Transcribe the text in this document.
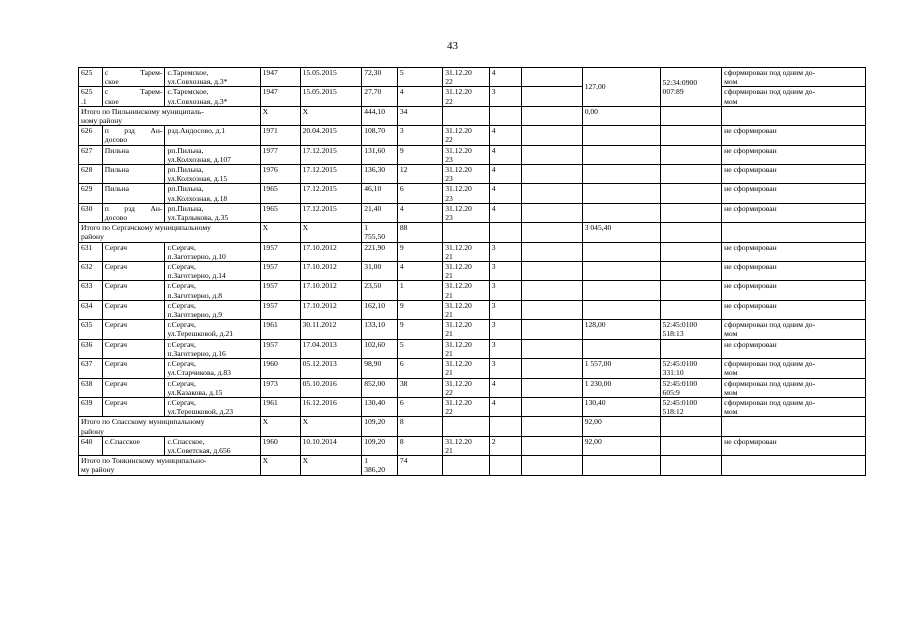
43
625	с Тарем-
ское	с.Таремское,
ул.Совхозная, д.3*	1947	15.05.2015	72,30	5	31.12.20
22	4		127,00	52:34:0900
007:89	сформирован под одним до-
мом
625
.1	с Тарем-
ское	с.Таремское,
ул.Совхозная, д.3*	1947	15.05.2015	27,70	4	31.12.20
22	3				сформирован под одним до-
мом
Итого по Пильнинскому муниципаль-
ному району			X	X	444,10	34				0,00		
626	п рзд Ан-
досово	рзд.Андосово, д.1	1971	20.04.2015	108,70	3	31.12.20
22	4				не сформирован
627	Пильна	рп.Пильна,
ул.Колхозная, д.107	1977	17.12.2015	131,60	9	31.12.20
23	4				не сформирован
628	Пильна	рп.Пильна,
ул.Колхозная, д.15	1976	17.12.2015	136,30	12	31.12.20
23	4				не сформирован
629	Пильна	рп.Пильна,
ул.Колхозная, д.18	1965	17.12.2015	46,10	6	31.12.20
23	4				не сформирован
630	п рзд Ан-
досово	рп.Пильна,
ул.Тарлыкова, д.35	1965	17.12.2015	21,40	4	31.12.20
23	4				не сформирован
Итого по Сергачскому муниципальному
району			X	X	1
755,50	88				3 045,40		
631	Сергач	г.Сергач,
п.Заготзерно, д.10	1957	17.10.2012	221,90	9	31.12.20
21	3				не сформирован
632	Сергач	г.Сергач,
п.Заготзерно, д.14	1957	17.10.2012	31,00	4	31.12.20
21	3				не сформирован
633	Сергач	г.Сергач,
п.Заготзерно, д.8	1957	17.10.2012	23,50	1	31.12.20
21	3				не сформирован
634	Сергач	г.Сергач,
п.Заготзерно, д.9	1957	17.10.2012	162,10	9	31.12.20
21	3				не сформирован
635	Сергач	г.Сергач,
ул.Терешковой, д.21	1961	30.11.2012	133,10	9	31.12.20
21	3		128,00	52:45:0100
518:13	сформирован под одним до-
мом
636	Сергач	г.Сергач,
п.Заготзерно, д.16	1957	17.04.2013	102,60	5	31.12.20
21	3				не сформирован
637	Сергач	г.Сергач,
ул.Старчикова, д.83	1960	05.12.2013	98,90	6	31.12.20
21	3		1 557,00	52:45:0100
331:10	сформирован под одним до-
мом
638	Сергач	г.Сергач,
ул.Казакова, д.15	1973	05.10.2016	852,00	38	31.12.20
22	4		1 230,00	52:45:0100
605:9	сформирован под одним до-
мом
639	Сергач	г.Сергач,
ул.Терешковой, д.23	1961	16.12.2016	130,40	6	31.12.20
22	4		130,40	52:45:0100
518:12	сформирован под одним до-
мом
Итого по Спасскому муниципальному
району			X	X	109,20	8				92,00		
640	с.Спасское	с.Спасское,
ул.Советская, д.656	1960	10.10.2014	109,20	8	31.12.20
21	2		92,00		не сформирован
Итого по Тонкинскому муниципально-
му району			X	X	1
386,20	74						
